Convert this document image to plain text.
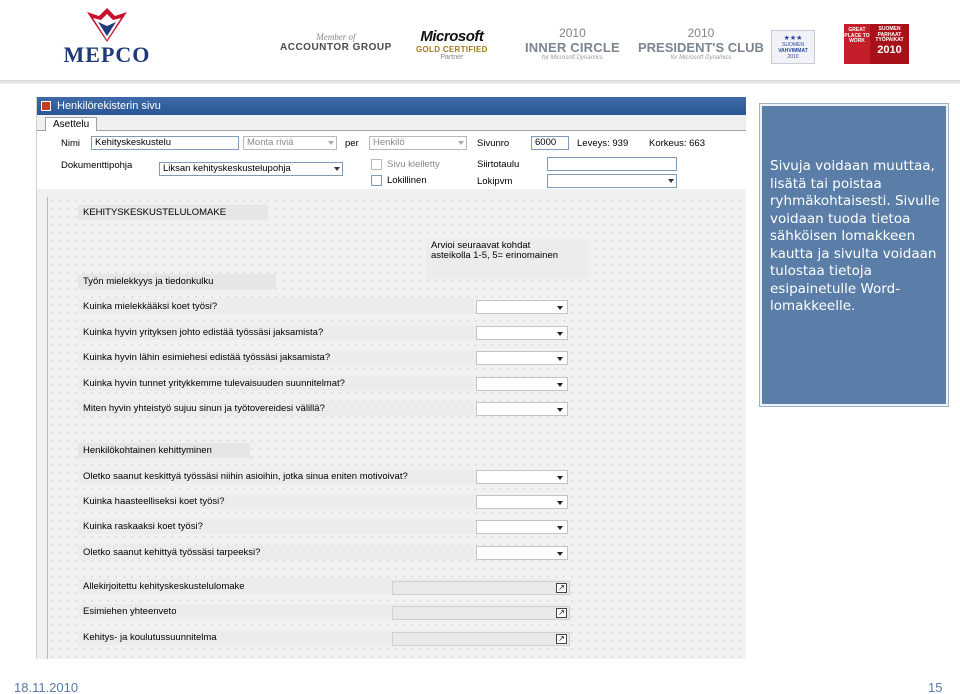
MEPCO
Member of
ACCOUNTOR GROUP
Microsoft
GOLD CERTIFIED
Partner
2010
INNER CIRCLE
for Microsoft Dynamics
2010
PRESIDENT'S CLUB
for Microsoft Dynamics
★★★
SUOMEN
VAHVIMMAT
2010
GREAT PLACE TO WORK
SUOMEN PARHAAT TYÖPAIKAT
2010
Henkilörekisterin sivu
Asettelu
Nimi	Kehityskeskustelu	Monta riviä	per	Henkilö	Sivunro	6000	Leveys: 939 Korkeus: 663
Dokumenttipohja	Liksan kehityskeskustelupohja	Sivu kielletty
Lokillinen
Siirtotaulu
Lokipvm
KEHITYSKESKUSTELULOMAKE
Arvioi seuraavat kohdat
asteikolla 1-5, 5= erinomainen
Työn mielekkyys ja tiedonkulku
Kuinka mielekkääksi koet työsi?
Kuinka hyvin yrityksen johto edistää työssäsi jaksamista?
Kuinka hyvin lähin esimiehesi edistää työssäsi jaksamista?
Kuinka hyvin tunnet yritykkemme tulevaisuuden suunnitelmat?
Miten hyvin yhteistyö sujuu sinun ja työtovereidesi välillä?
Henkilökohtainen kehittyminen
Oletko saanut keskittyä työssäsi niihin asioihin, jotka sinua eniten motivoivat?
Kuinka haasteelliseksi koet työsi?
Kuinka raskaaksi koet työsi?
Oletko saanut kehittyä työssäsi tarpeeksi?
Allekirjoitettu kehityskeskustelulomake	↗
Esimiehen yhteenveto	↗
Kehitys- ja koulutussuunnitelma	↗
Sivuja voidaan muuttaa, lisätä tai poistaa ryhmäkohtaisesti. Sivulle voidaan tuoda tietoa sähköisen lomakkeen kautta ja sivulta voidaan tulostaa tietoja esipainetulle Word-lomakkeelle.
18.11.2010	15
